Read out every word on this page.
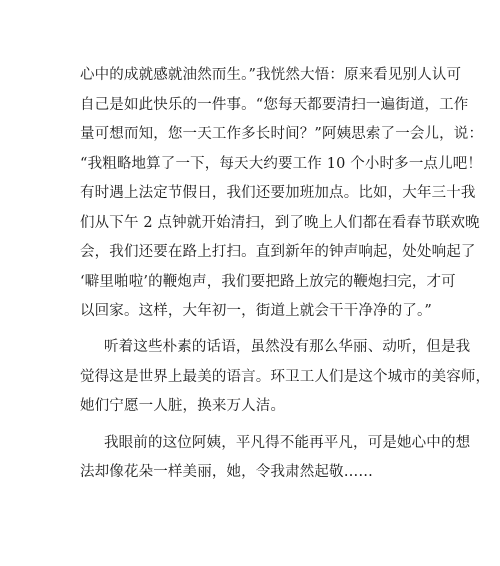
心中的成就感就油然而生。”我恍然大悟：原来看见别人认可
自己是如此快乐的一件事。“您每天都要清扫一遍街道，工作
量可想而知，您一天工作多长时间？”阿姨思索了一会儿，说：
“我粗略地算了一下，每天大约要工作 10 个小时多一点儿吧！
有时遇上法定节假日，我们还要加班加点。比如，大年三十我
们从下午 2 点钟就开始清扫，到了晚上人们都在看春节联欢晚
会，我们还要在路上打扫。直到新年的钟声响起，处处响起了
‘噼里啪啦’的鞭炮声，我们要把路上放完的鞭炮扫完，才可
以回家。这样，大年初一，街道上就会干干净净的了。”
听着这些朴素的话语，虽然没有那么华丽、动听，但是我
觉得这是世界上最美的语言。环卫工人们是这个城市的美容师，
她们宁愿一人脏，换来万人洁。
我眼前的这位阿姨，平凡得不能再平凡，可是她心中的想
法却像花朵一样美丽，她，令我肃然起敬……
